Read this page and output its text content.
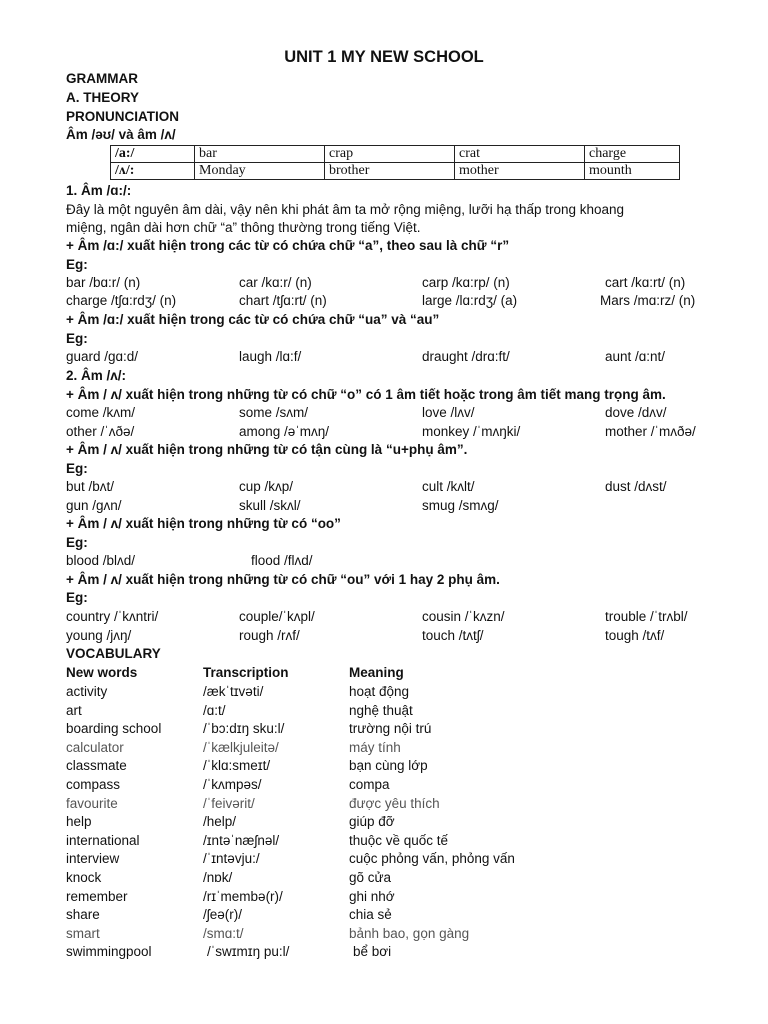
UNIT 1 MY NEW SCHOOL
GRAMMAR
A. THEORY
PRONUNCIATION
Âm /əʊ/ và âm /ʌ/
/a:/	bar	crap	crat	charge
/ʌ/:	Monday	brother	mother	mounth
1. Âm /ɑ:/:
Đây là một nguyên âm dài, vậy nên khi phát âm ta mở rộng miệng, lưỡi hạ thấp trong khoang
miệng, ngân dài hơn chữ “a” thông thường trong tiếng Việt.
+ Âm /ɑ:/ xuất hiện trong các từ có chứa chữ “a”, theo sau là chữ “r”
Eg:
bar /bɑ:r/ (n)	car /kɑ:r/ (n)	carp /kɑ:rp/ (n)	cart /kɑ:rt/ (n)
charge /tʃɑ:rdʒ/ (n)	chart /tʃɑ:rt/ (n)	large /lɑ:rdʒ/ (a)	Mars /mɑ:rz/ (n)
+ Âm /ɑ:/ xuất hiện trong các từ có chứa chữ “ua” và “au”
Eg:
guard /gɑ:d/	laugh /lɑ:f/	draught /drɑ:ft/	aunt /ɑ:nt/
2. Âm /ʌ/:
+ Âm / ʌ/ xuất hiện trong những từ có chữ “o” có 1 âm tiết hoặc trong âm tiết mang trọng âm.
come /kʌm/	some /sʌm/	love /lʌv/	dove /dʌv/
other /ˈʌðə/	among /əˈmʌŋ/	monkey /ˈmʌŋki/	mother /ˈmʌðə/
+ Âm / ʌ/ xuất hiện trong những từ có tận cùng là “u+phụ âm”.
Eg:
but /bʌt/	cup /kʌp/	cult /kʌlt/	dust /dʌst/
gun /gʌn/	skull /skʌl/	smug /smʌg/
+ Âm / ʌ/ xuất hiện trong những từ có “oo”
Eg:
blood /blʌd/	flood /flʌd/
+ Âm / ʌ/ xuất hiện trong những từ có chữ “ou” với 1 hay 2 phụ âm.
Eg:
country /ˈkʌntri/	couple/ˈkʌpl/	cousin /ˈkʌzn/	trouble /ˈtrʌbl/
young /jʌŋ/	rough /rʌf/	touch /tʌtʃ/	tough /tʌf/
VOCABULARY
New words	Transcription	Meaning
activity	/ækˈtɪvəti/	hoạt động
art	/ɑ:t/	nghệ thuật
boarding school	/ˈbɔ:dɪŋ sku:l/	trường nội trú
calculator	/ˈkælkjuleitə/	máy tính
classmate	/ˈklɑ:smeɪt/	bạn cùng lớp
compass	/ˈkʌmpəs/	compa
favourite	/ˈfeivərit/	được yêu thích
help	/help/	giúp đỡ
international	/ɪntəˈnæʃnəl/	thuộc về quốc tế
interview	/ˈɪntəvju:/	cuộc phỏng vấn, phỏng vấn
knock	/nɒk/	gõ cửa
remember	/rɪˈmembə(r)/	ghi nhớ
share	/ʃeə(r)/	chia sẻ
smart	/smɑ:t/	bảnh bao, gọn gàng
swimmingpool	/ˈswɪmɪŋ pu:l/	bể bơi
